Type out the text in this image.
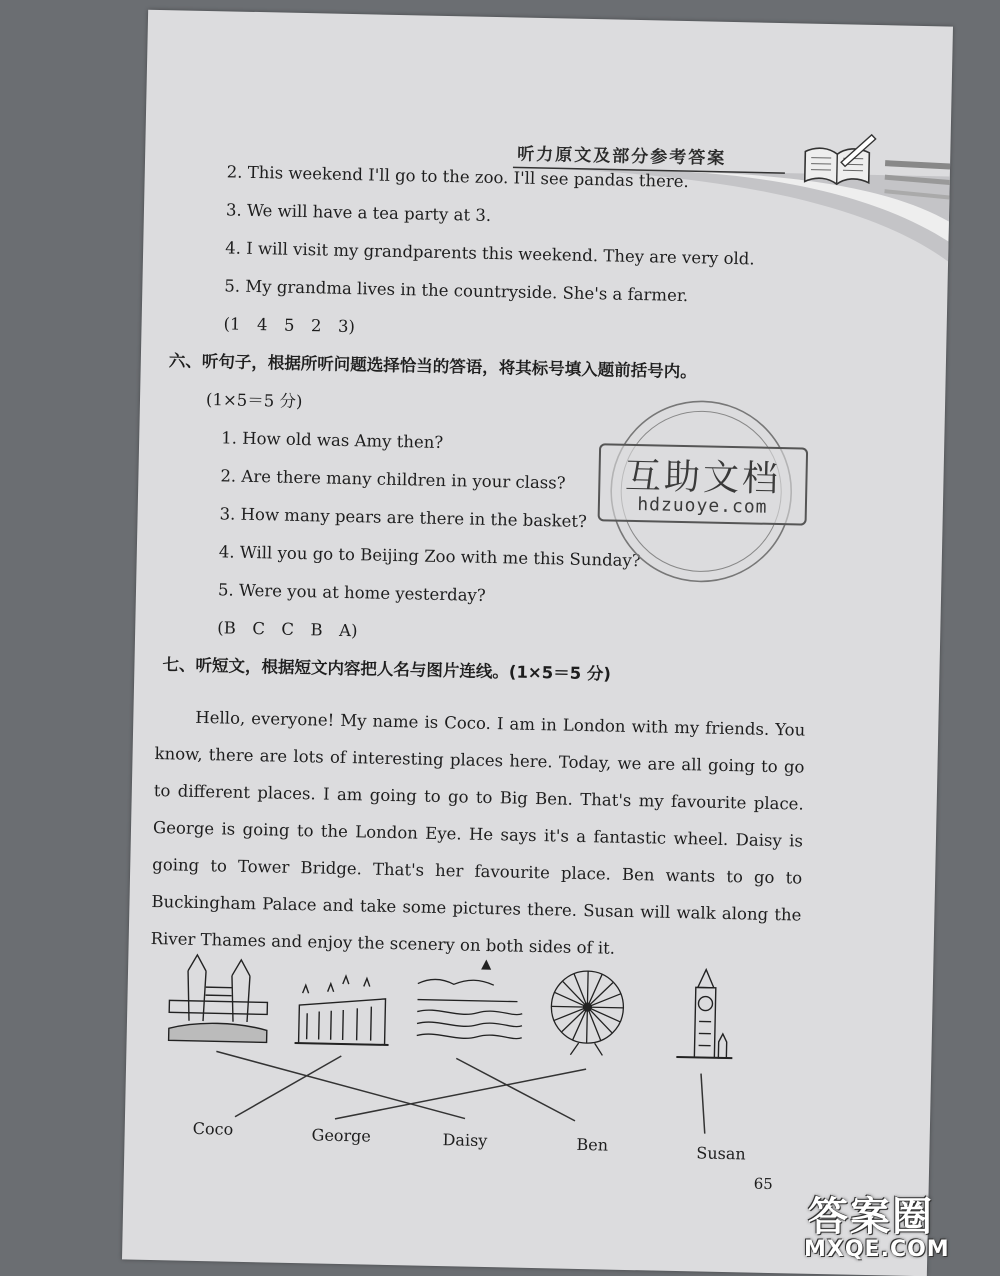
听力原文及部分参考答案
2. This weekend I'll go to the zoo. I'll see pandas there.
3. We will have a tea party at 3.
4. I will visit my grandparents this weekend. They are very old.
5. My grandma lives in the countryside. She's a farmer.
(1　4　5　2　3)
六、听句子，根据所听问题选择恰当的答语，将其标号填入题前括号内。
(1×5＝5 分)
1. How old was Amy then?
2. Are there many children in your class?
3. How many pears are there in the basket?
4. Will you go to Beijing Zoo with me this Sunday?
5. Were you at home yesterday?
(B　C　C　B　A)
互助文档
hdzuoye.com
七、听短文，根据短文内容把人名与图片连线。(1×5＝5 分)
Hello, everyone! My name is Coco. I am in London with my friends. You know, there are lots of interesting places here. Today, we are all going to go to different places. I am going to go to Big Ben. That's my favourite place. George is going to the London Eye. He says it's a fantastic wheel. Daisy is going to Tower Bridge. That's her favourite place. Ben wants to go to Buckingham Palace and take some pictures there. Susan will walk along the River Thames and enjoy the scenery on both sides of it.
Coco	George	Daisy	Ben	Susan
65
答案圈
MXQE.COM
